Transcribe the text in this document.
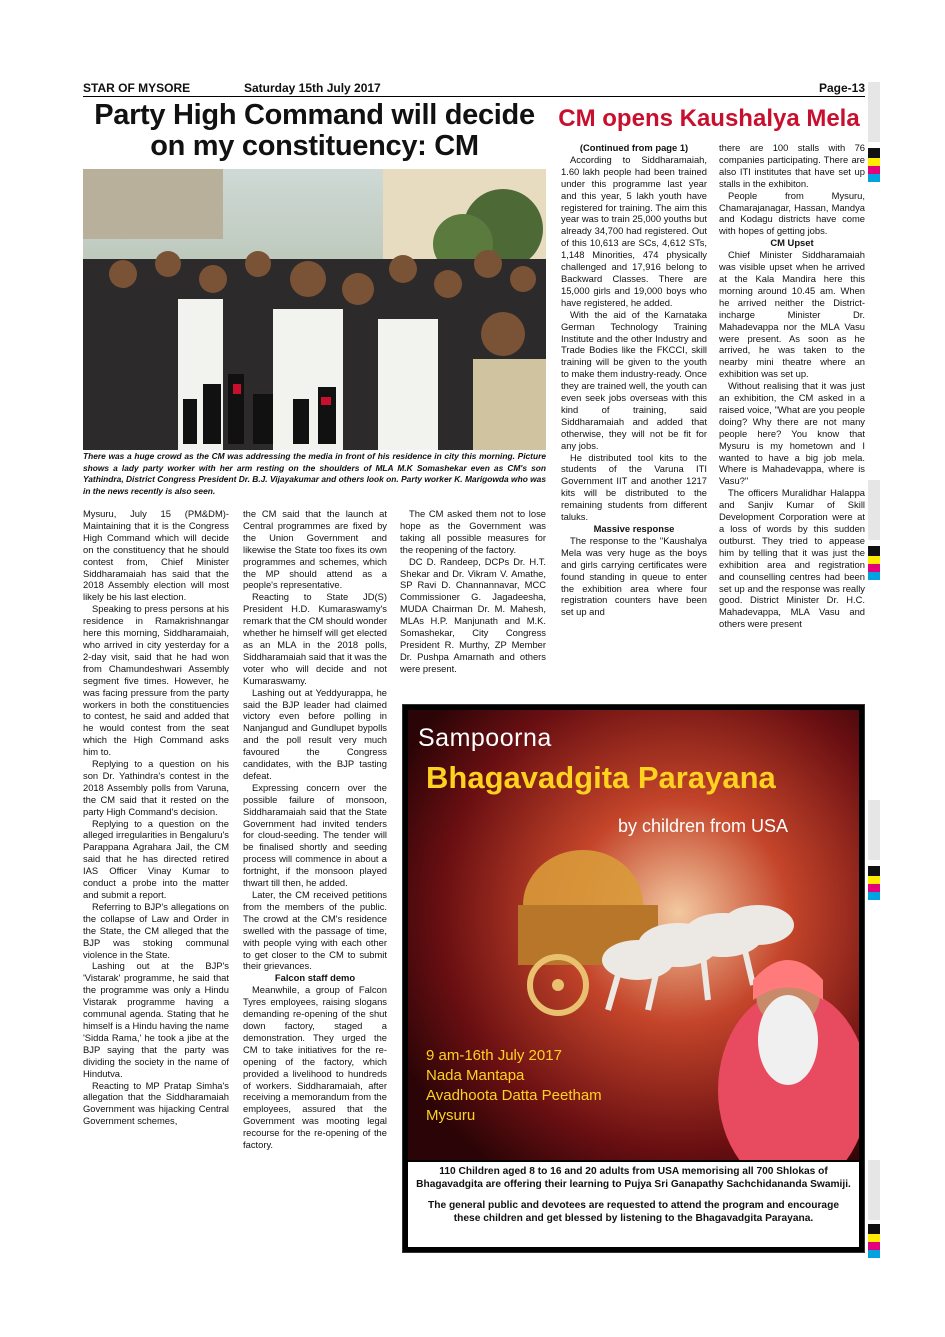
STAR OF MYSORE	Saturday 15th July 2017	Page-13
Party High Command will decide on my constituency: CM
CM opens Kaushalya Mela
There was a huge crowd as the CM was addressing the media in front of his residence in city this morning. Picture shows a lady party worker with her arm resting on the shoulders of MLA M.K Somashekar even as CM's son Yathindra, District Congress President Dr. B.J. Vijayakumar and others look on. Party worker K. Marigowda who was in the news recently is also seen.

Mysuru, July 15 (PM&DM)- Maintaining that it is the Congress High Command which will decide on the constituency that he should contest from, Chief Minister Siddharamaiah has said that the 2018 Assembly election will most likely be his last election.

Speaking to press persons at his residence in Ramakrishnangar here this morning, Siddharamaiah, who arrived in city yesterday for a 2-day visit, said that he had won from Chamundeshwari Assembly segment five times. However, he was facing pressure from the party workers in both the constituencies to contest, he said and added that he would contest from the seat which the High Command asks him to.

Replying to a question on his son Dr. Yathindra's contest in the 2018 Assembly polls from Varuna, the CM said that it rested on the party High Command's decision.

Replying to a question on the alleged irregularities in Bengaluru's Parappana Agrahara Jail, the CM said that he has directed retired IAS Officer Vinay Kumar to conduct a probe into the matter and submit a report.

Referring to BJP's allegations on the collapse of Law and Order in the State, the CM alleged that the BJP was stoking communal violence in the State.

Lashing out at the BJP's 'Vistarak' programme, he said that the programme was only a Hindu Vistarak programme having a communal agenda. Stating that he himself is a Hindu having the name 'Sidda Rama,' he took a jibe at the BJP saying that the party was dividing the society in the name of Hindutva.

Reacting to MP Pratap Simha's allegation that the Siddharamaiah Government was hijacking Central Government schemes,

the CM said that the launch at Central programmes are fixed by the Union Government and likewise the State too fixes its own programmes and schemes, which the MP should attend as a people's representative.

Reacting to State JD(S) President H.D. Kumaraswamy's remark that the CM should wonder whether he himself will get elected as an MLA in the 2018 polls, Siddharamaiah said that it was the voter who will decide and not Kumaraswamy.

Lashing out at Yeddyurappa, he said the BJP leader had claimed victory even before polling in Nanjangud and Gundlupet bypolls and the poll result very much favoured the Congress candidates, with the BJP tasting defeat.

Expressing concern over the possible failure of monsoon, Siddharamaiah said that the State Government had invited tenders for cloud-seeding. The tender will be finalised shortly and seeding process will commence in about a fortnight, if the monsoon played thwart till then, he added.

Later, the CM received petitions from the members of the public. The crowd at the CM's residence swelled with the passage of time, with people vying with each other to get closer to the CM to submit their grievances.

Falcon staff demo

Meanwhile, a group of Falcon Tyres employees, raising slogans demanding re-opening of the shut down factory, staged a demonstration. They urged the CM to take initiatives for the re-opening of the factory, which provided a livelihood to hundreds of workers. Siddharamaiah, after receiving a memorandum from the employees, assured that the Government was mooting legal recourse for the re-opening of the factory.

The CM asked them not to lose hope as the Government was taking all possible measures for the reopening of the factory.

DC D. Randeep, DCPs Dr. H.T. Shekar and Dr. Vikram V. Amathe, SP Ravi D. Channannavar, MCC Commissioner G. Jagadeesha, MUDA Chairman Dr. M. Mahesh, MLAs H.P. Manjunath and M.K. Somashekar, City Congress President R. Murthy, ZP Member Dr. Pushpa Amarnath and others were present.

(Continued from page 1)

According to Siddharamaiah, 1.60 lakh people had been trained under this programme last year and this year, 5 lakh youth have registered for training. The aim this year was to train 25,000 youths but already 34,700 had registered. Out of this 10,613 are SCs, 4,612 STs, 1,148 Minorities, 474 physically challenged and 17,916 belong to Backward Classes. There are 15,000 girls and 19,000 boys who have registered, he added.

With the aid of the Karnataka German Technology Training Institute and the other Industry and Trade Bodies like the FKCCI, skill training will be given to the youth to make them industry-ready. Once they are trained well, the youth can even seek jobs overseas with this kind of training, said Siddharamaiah and added that otherwise, they will not be fit for any jobs.

He distributed tool kits to the students of the Varuna ITI Government IIT and another 1217 kits will be distributed to the remaining students from different taluks.

Massive response

The response to the "Kaushalya Mela was very huge as the boys and girls carrying certificates were found standing in queue to enter the exhibition area where four registration counters have been set up and

there are 100 stalls with 76 companies participating. There are also ITI institutes that have set up stalls in the exhibiton.

People from Mysuru, Chamarajanagar, Hassan, Mandya and Kodagu districts have come with hopes of getting jobs.

CM Upset

Chief Minister Siddharamaiah was visible upset when he arrived at the Kala Mandira here this morning around 10.45 am. When he arrived neither the District-incharge Minister Dr. Mahadevappa nor the MLA Vasu were present. As soon as he arrived, he was taken to the nearby mini theatre where an exhibition was set up.

Without realising that it was just an exhibition, the CM asked in a raised voice, "What are you people doing? Why there are not many people here? You know that Mysuru is my hometown and I wanted to have a big job mela. Where is Mahadevappa, where is Vasu?"

The officers Muralidhar Halappa and Sanjiv Kumar of Skill Development Corporation were at a loss of words by this sudden outburst. They tried to appease him by telling that it was just the exhibition area and registration and counselling centres had been set up and the response was really good. District Minister Dr. H.C. Mahadevappa, MLA Vasu and others were present

Sampoorna
Bhagavadgita Parayana
by children from USA
9 am-16th July 2017
Nada Mantapa
Avadhoota Datta Peetham
Mysuru
110 Children aged 8 to 16 and 20 adults from USA memorising all 700 Shlokas of Bhagavadgita are offering their learning to Pujya Sri Ganapathy Sachchidananda Swamiji.
The general public and devotees are requested to attend the program and encourage these children and get blessed by listening to the Bhagavadgita Parayana.
